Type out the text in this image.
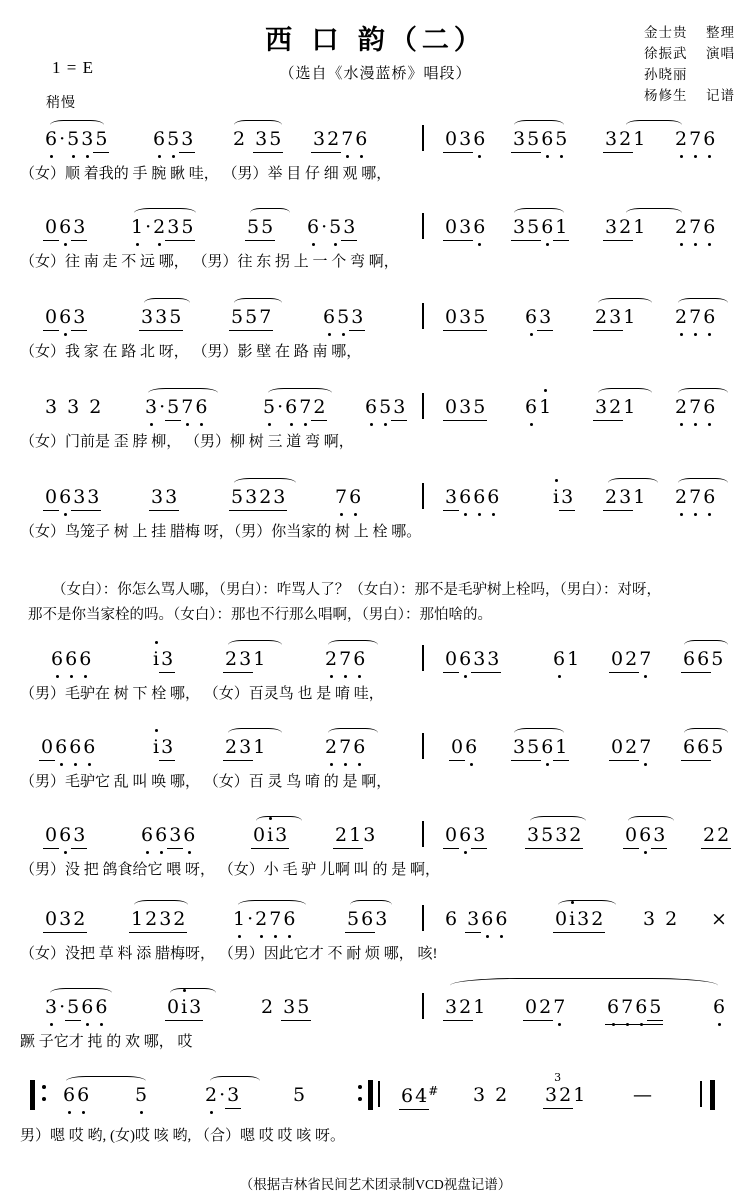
西 口 韵（二）
（选自《水漫蓝桥》唱段）
金士贵 整理
徐振武 演唱
孙晓丽
杨修生 记谱
1 = E
稍慢
6 · 5 3 5 6 5 3 2 3 5 3 2 7 6	0 3 6 3 5 6 5 3 2 1 2 7 6
（女）顺 着我的 手 腕 瞅 哇， （男）举 目 仔 细 观 哪，
0 6 3 1 · 2 3 5	5 5 6 · 5 3	0 3 6 3 5 6 1 3 2 1 2 7 6
（女）往 南 走 不 远 哪， （男）往 东 拐 上 一 个 弯 啊，
0 6 3	3 3 5	5 5 7	6 5 3	0 3 5 6 3 2 3 1 2 7 6
（女）我 家 在 路 北 呀， （男）影 壁 在 路 南 哪，
3 3 2 3 · 5 7 6	5 · 6 7 2 6 5 3 0 3 5 6 1 3 2 1 2 7 6
（女）门前是 歪 脖 柳， （男）柳 树 三 道 弯 啊，
0 6 3 3	3 3	5 3 2 3	7 6	3 6 6 6	i 3 2 3 1 2 7 6
（女）鸟笼子 树 上 挂 腊梅 呀，（男）你当家的 树 上 栓 哪。
（女白）：你怎么骂人哪，（男白）：咋骂人了？（女白）：那不是毛驴树上栓吗，（男白）：对呀，
那不是你当家栓的吗。（女白）：那也不行那么唱啊，（男白）：那怕啥的。
6 6 6	i 3	2 3 1	2 7 6	0 6 3 3	6 1 0 2 7 6 6 5
（男）毛驴在 树 下 栓 哪， （女）百灵鸟 也 是 唷 哇，
0 6 6 6	i 3	2 3 1	2 7 6	0 6 3 5 6 1 0 2 7 6 6 5
（男）毛驴它 乱 叫 唤 哪， （女）百 灵 鸟 唷 的 是 啊，
0 6 3	6 6 3 6	0 i 3	2 1 3	0 6 3 3 5 3 2 0 6 3 2 2
（男）没 把 鸽食给它 喂 呀， （女）小 毛 驴 儿啊 叫 的 是 啊，
0 3 2 1 2 3 2	1 · 2 7 6	5 6 3	6 3 6 6	0 i 3 2 3 2 ×
（女）没把 草 料 添 腊梅呀， （男）因此它才 不 耐 烦 哪， 咳!
3 · 5 6 6	0 i 3	2 3 5	3 2 1 0 2 7 6 7 6 5	6
蹶 子它才 扽 的 欢 哪， 哎
6 6 5	2 · 3	5	6 4# 3 2
3
3 2 1	—
男）嗯 哎 哟, (女)哎 咳 哟, （合）嗯 哎 哎 咳 呀。
（根据吉林省民间艺术团录制VCD视盘记谱）
